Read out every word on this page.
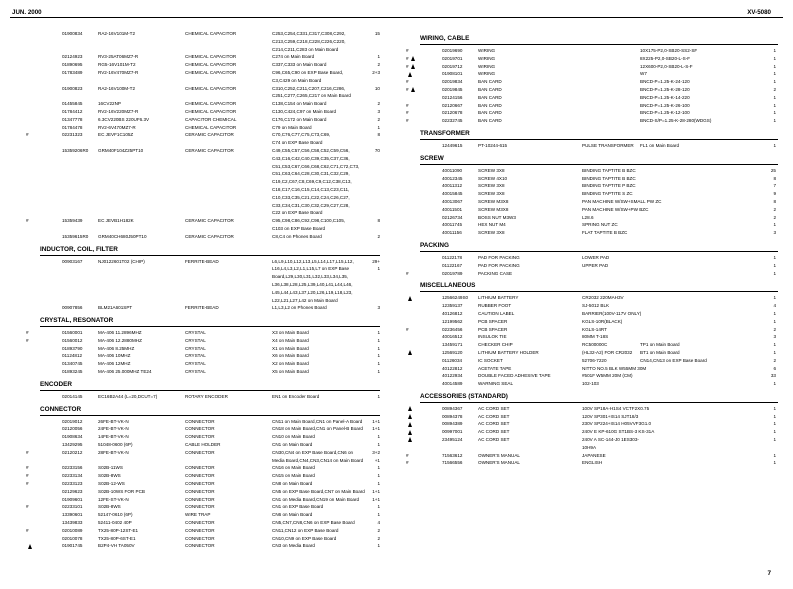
JUN. 2000	XV-5080
01900834	RA2-16V101M-T2	CHEMICAL CAPACITOR	C253,C254,C331,C317,C308,C292,	15
C213,C259,C218,C228,C226,C220,
C214,C211,C283 on Main Board
02124923	RV3-25AT06MZ7-R	CHEMICAL CAPACITOR	C274 on Main Board	1
01890695	RG5-16V101M-T2	CHEMICAL CAPACITOR	C337,C333 on Main Board	2
01783489	RV2-16V470MZ7-R	CHEMICAL CAPACITOR	C96,C65,C90 on EXP Base Board,	2+3
C3,C429 on Main Board
01900823	RA2-16V100M-T2	CHEMICAL CAPACITOR	C310,C252,C211,C207,C216,C286,	10
C251,C277,C265,C217 on Main Board
01455845	16CV22NP	CHEMICAL CAPACITOR	C138,C154 on Main Board	2
01784412	RV2-16V220MZ7-R	CHEMICAL CAPACITOR	C130,C424,C97 on Main Board	3
01347778	6.3CV220BS 220UF6.3V	CAPACITOR CHEMICAL	C176,C172 on Main Board	2
01784478	RV2-6V470MZ7-R	CHEMICAL CAPACITOR	C79 on Main Board	1
#	02231323	EC JEVF1C105Z	CERAMIC CAPACITOR	C70,C76,C77,C75,C73,C69,	8
C74 on EXP Base Board
15359206R0	GRM40F104Z25PT10	CERAMIC CAPACITOR	C49,C55,C57,C56,C58,C52,C59,C56,	70
C43,C16,C42,C40,C39,C35,C37,C36,
C51,C53,C67,C66,C68,C62,C71,C72,C73,
C51,C63,C64,C28,C30,C31,C32,C29,
C19,C2,C67,C8,C69,C9,C12,C38,C13,
C18,C17,C16,C15,C14,C13,C23,C11,
C10,C33,C35,C21,C22,C24,C26,C27,
C33,C34,C31,C30,C32,C29,C27,C28,
C22 on EXP Base Board
#	15359439	EC JEVB1H182K	CERAMIC CAPACITOR	C95,C98,C86,C92,C98,C100,C105,	8
C103 on EXP Base Board
15359615R0	GRM40CH680J50PT10	CERAMIC CAPACITOR	C8,C4 on Phones Board	2
INDUCTOR, COIL, FILTER
00903167	NJ0122601T02 (CHIP)	FERRITE-BEAD	L6,L9,L10,L12,L13,L5,L14,L17,L15,L12,	29+
L16,L4,L3,L2,L1,L15,L7 on EXP Base	1
Board,L29,L30,L31,L32,L33,L34,L35,
L36,L38,L28,L25,L39,L40,L41,L44,L46,
L45,L44,L43,L37,L20,L26,L19,L18,L23,
L22,L21,L27,L42 on Main Board
00907856	BLM21A601SPT	FERRITE-BEAD	L1,L3,L2 on Phones Board	3
CRYSTAL, RESONATOR
#	01560001	MA-406 11.2896MHZ	CRYSTAL	X3 on Main Board	1
#	01560012	MA-406 12.2880MHZ	CRYSTAL	X4 on Main Board	1
01893790	MA-406 8.25MHZ	CRYSTAL	X1 on Main Board	1
01124812	MA-406 10MHZ	CRYSTAL	X6 on Main Board	1
01340745	MA-406 12MHZ	CRYSTAL	X2 on Main Board	1
01893245	MA-406 25.000MHZ TE24	CRYSTAL	X5 on Main Board	1
ENCODER
02014145	EC16B2A44 (L=20,DCUT=7)	ROTARY ENCODER	EN1 on Encoder Board	1
CONNECTOR
02019012	26FE-BT-VK-N	CONNECTOR	CN11 on Main Board,CN1 on Panel-A Board	1+1
02120056	24FE-BT-VK-N	CONNECTOR	CN18 on Main Board,CN1 on Panel-B Board	1+1
01908634	14FE-BT-VK-N	CONNECTOR	CN10 on Main Board	1
13429295	51048-0600 (6P)	CABLE HOLDER	CN1 on Main Board	1
#	02120212	28FE-BT-VK-N	CONNECTOR	CN30,CN4 on EXP Base Board,CN6 on	3+2
Media Board,CN4,CN3,CN14 on Main Board	+1
#	02233156	S02B-11WS	CONNECTOR	CN16 on Main Board	1
#	02233134	S02B-8WS	CONNECTOR	CN15 on Main Board	1
#	02233123	S02B-12-WS	CONNECTOR	CN8 on Main Board	1
02129623	S02B-10WS FOR PCB	CONNECTOR	CN5 on EXP Base Board,CN7 on Main Board	1+1
01909601	12FE-ST-VK-N	CONNECTOR	CN1 on Media Board,CN19 on Main Board	1+1
#	02233101	S02B-8WS	CONNECTOR	CN1 on EXP Base Board	1
13390601	52147-0610 (6P)	WIRE TRAP	CN6 on Main Board	1
13439833	52411-0402 40P	CONNECTOR	CN5,CN7,CN8,CN6 on EXP Base Board	4
#	02010089	TX25-80P-12ST-E1	CONNECTOR	CN11,CN12 on EXP Base Board	2
02010078	TX25-80P-6ST-E1	CONNECTOR	CN10,CN9 on EXP Base Board	2
01901745	B2P4-VH TA050V	CONNECTOR	CN3 on Media Board	1
WIRING, CABLE
#	02019690	WIRING	10X175-P2,0-SB20-SS2-SF	1
#	02019701	WIRING	8X225-P2,0-SB20-L-S-F	1
#	02019712	WIRING	12X600-P2,0-SB20-L-S-F	1
01908101	WIRING	W7	1
#	02019834	BAN CARD	BNCD-P=1.25-K-24-120	1
#	02019845	BAN CARD	BNCD-P=1.25-K-28-120	2
02124156	BAN CARD	BNCD-P=1.25-K-14-220	1
#	02120667	BAN CARD	BNCD-P=1.25-K-26-100	1
#	02120678	BAN CARD	BNCD-P=1.25-K-12-100	1
#	02232745	BAN CARD	BNCD-S/P=1.25-K-28-280(WDGS)	1
TRANSFORMER
12449615	PT-10244-615	PULSE TRANSFORMER	FL1 on Main Board	1
SCREW
40011090	SCREW 3X8	BINDING TAPTITE B BZC	25
40012345	SCREW 4X10	BINDING TAPTITE B BZC	8
40011312	SCREW 3X8	BINDING TAPTITE P BZC	7
40015845	SCREW 3X8	BINDING TAPTITE S ZC	9
40013067	SCREW M3X8	PAN MACHINE W/SW+SMALL PW ZC	8
40011501	SCREW M3X8	PAN MACHINE W/SW+PW BZC	2
02126734	BOSS NUT M3W3	L28.6	2
40011745	HEX NUT M4	SPRING NUT ZC	1
40011156	SCREW 3X8	FLAT TAPTITE B BZC	3
PACKING
01122178	PAD FOR PACKING	LOWER PAD	1
01122167	PAD FOR PACKING	UPPER PAD	1
#	02019789	PACKING CASE	1
MISCELLANEOUS
12566249S0	LITHIUM BATTERY	CR2032 220MAH3V	1
12359137	RUBBER FOOT	SJ-5012 BLK	4
40126812	CAUTION LABEL	BARRIER(100V-117V ONLY)	1
12199562	PCB SPACER	KGLS-10R(BLACK)	1
#	02236456	PCB SPACER	KGLS-14RT	2
40016512	INSULOK TIE	80MM T-18S	3
13459171	CHECKER CHIP	RC500000C	TP1 on Main Board	1
12569120	LITHIUM BATTERY HOLDER	(HL32-A2) FOR CR2032	BT1 on Main Board	1
01126034	IC SOCKET	52706-7220	CN14,CN13 on EXP Base Board	2
40122812	ACETATE TAPE	NITTO NO.5 BLK W55MM 30M	6
40122934	DOUBLE FACED ADHESIVE TAPE	#501F W5MM 20M (CM)	33
40014589	WARNING SEAL	102-103	1
ACCESSORIES (STANDARD)
00894367	AC CORD SET	100V SP18A-H1S4 VCTF2X0.75	1
00894378	AC CORD SET	120V SP301+IS14 SJT18/3	1
00894389	AC CORD SET	230V SP224+IS14 H05VVF3G1.0	1
00997001	AC CORD SET	240V E KP-610G ST1BS-3 KS-31A	1
23495124	AC CORD SET	240V A SC-144-J0 1ES303-	1
10H9A
#	71563612	OWNER'S MANUAL	JAPANESE	1
#	71566556	OWNER'S MANUAL	ENGLISH	1
7
